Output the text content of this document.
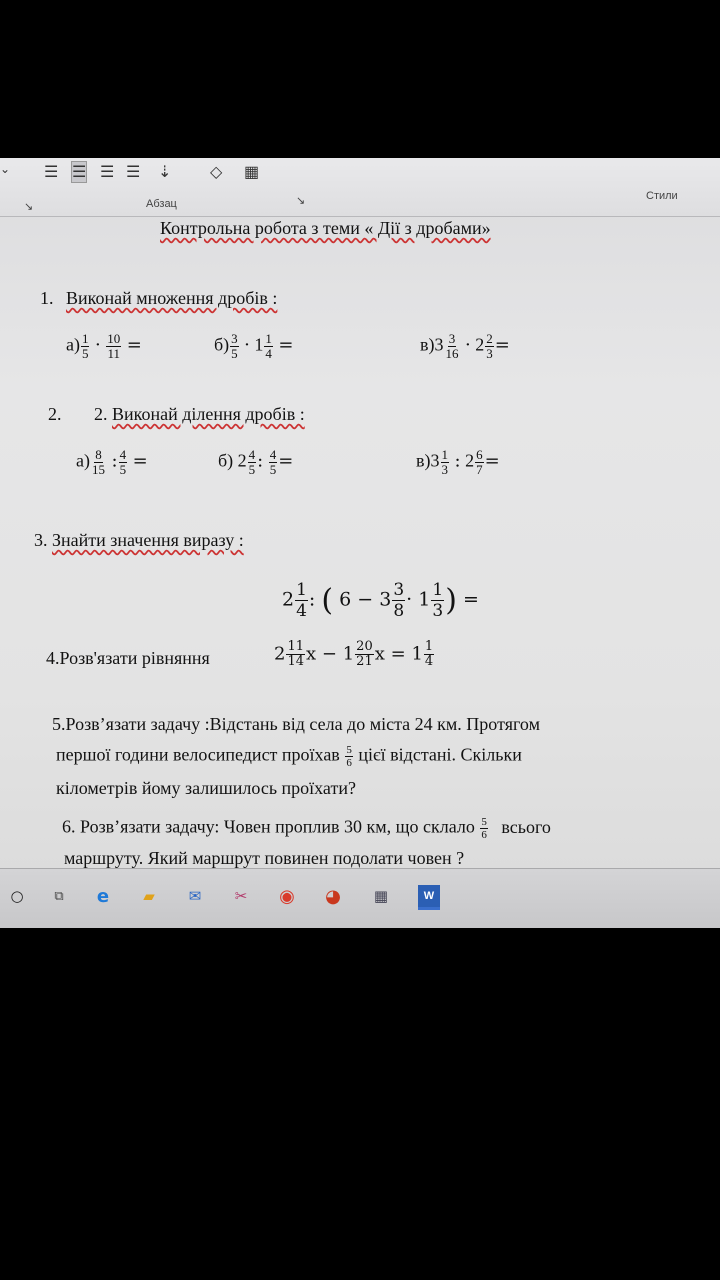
⌄ ☰ ☰ ☰ ☰ ⇣ ◇ ▦
↘	Абзац	↘	Стили
Контрольна робота з теми « Дії з дробами»
1. Виконай множення дробів :
$а) \frac{1}{5} \cdot \frac{10}{11}$ =	$б) \frac{3}{5} \cdot 1 \frac{1}{4}$ =	$в)3 \frac{3}{16} \cdot 2 \frac{2}{3}$ =
2. 2. Виконай ділення дробів :
$а) \frac{8}{15}$ : $\frac{4}{5}$ =	б) $2 \frac{4}{5}$ : $\frac{4}{5}$ =	$в)3 \frac{1}{3}$ : $2 \frac{6}{7}$ =
3. Знайти значення виразу :
$2 \frac{1}{4}$ : ( $6 - 3 \frac{3}{8} \cdot 1 \frac{1}{3}$ ) =
4.Розв'язати рівняння	$2 \frac{11}{14}$ $x - 1 \frac{20}{21}$ $x = 1 \frac{1}{4}$
5.Розв’язати задачу :Відстань від села до міста 24 км. Протягом
першої години велосипедист проїхав $\frac{5}{6}$ цієї відстані. Скільки
кілометрів йому залишилось проїхати?
6. Розв’язати задачу: Човен проплив 30 км, що склало $\frac{5}{6}$ всього
маршруту. Який маршрут повинен подолати човен ?
○	⧉	e	▰	✉	✂ ◉ ◕ ▦	W
